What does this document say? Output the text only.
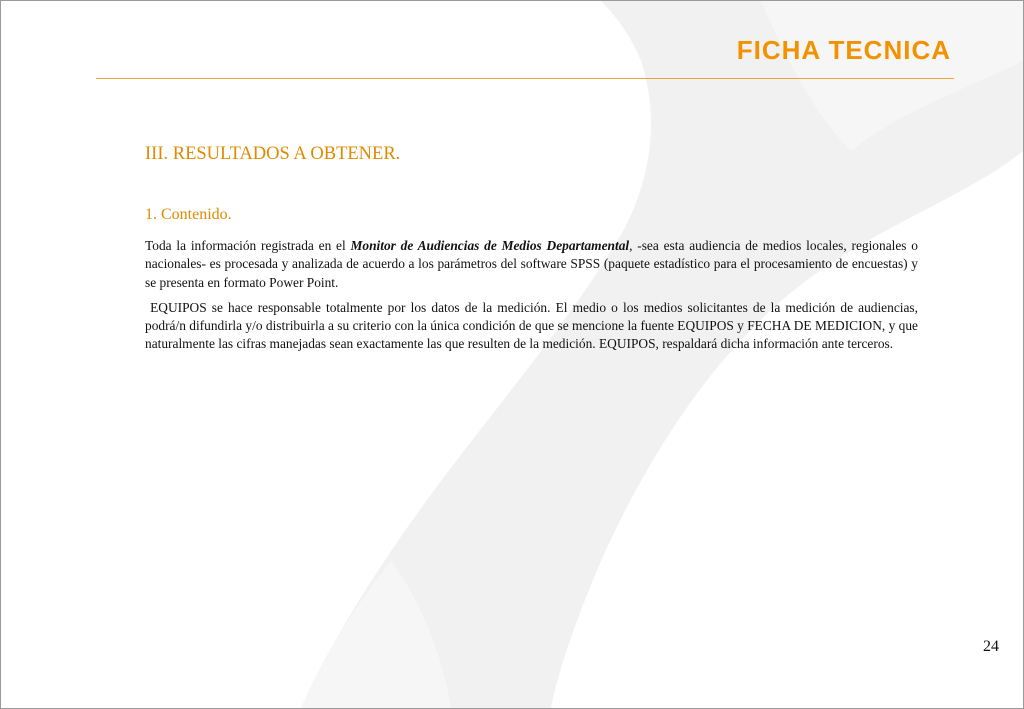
FICHA TECNICA
III. RESULTADOS A OBTENER.
1. Contenido.

Toda la información registrada en el Monitor de Audiencias de Medios Departamental, -sea esta audiencia de medios locales, regionales o nacionales- es procesada y analizada de acuerdo a los parámetros del software SPSS (paquete estadístico para el procesamiento de encuestas) y se presenta en formato Power Point.

EQUIPOS se hace responsable totalmente por los datos de la medición. El medio o los medios solicitantes de la medición de audiencias, podrá/n difundirla y/o distribuirla a su criterio con la única condición de que se mencione la fuente EQUIPOS y FECHA DE MEDICION, y que naturalmente las cifras manejadas sean exactamente las que resulten de la medición. EQUIPOS, respaldará dicha información ante terceros.

24
